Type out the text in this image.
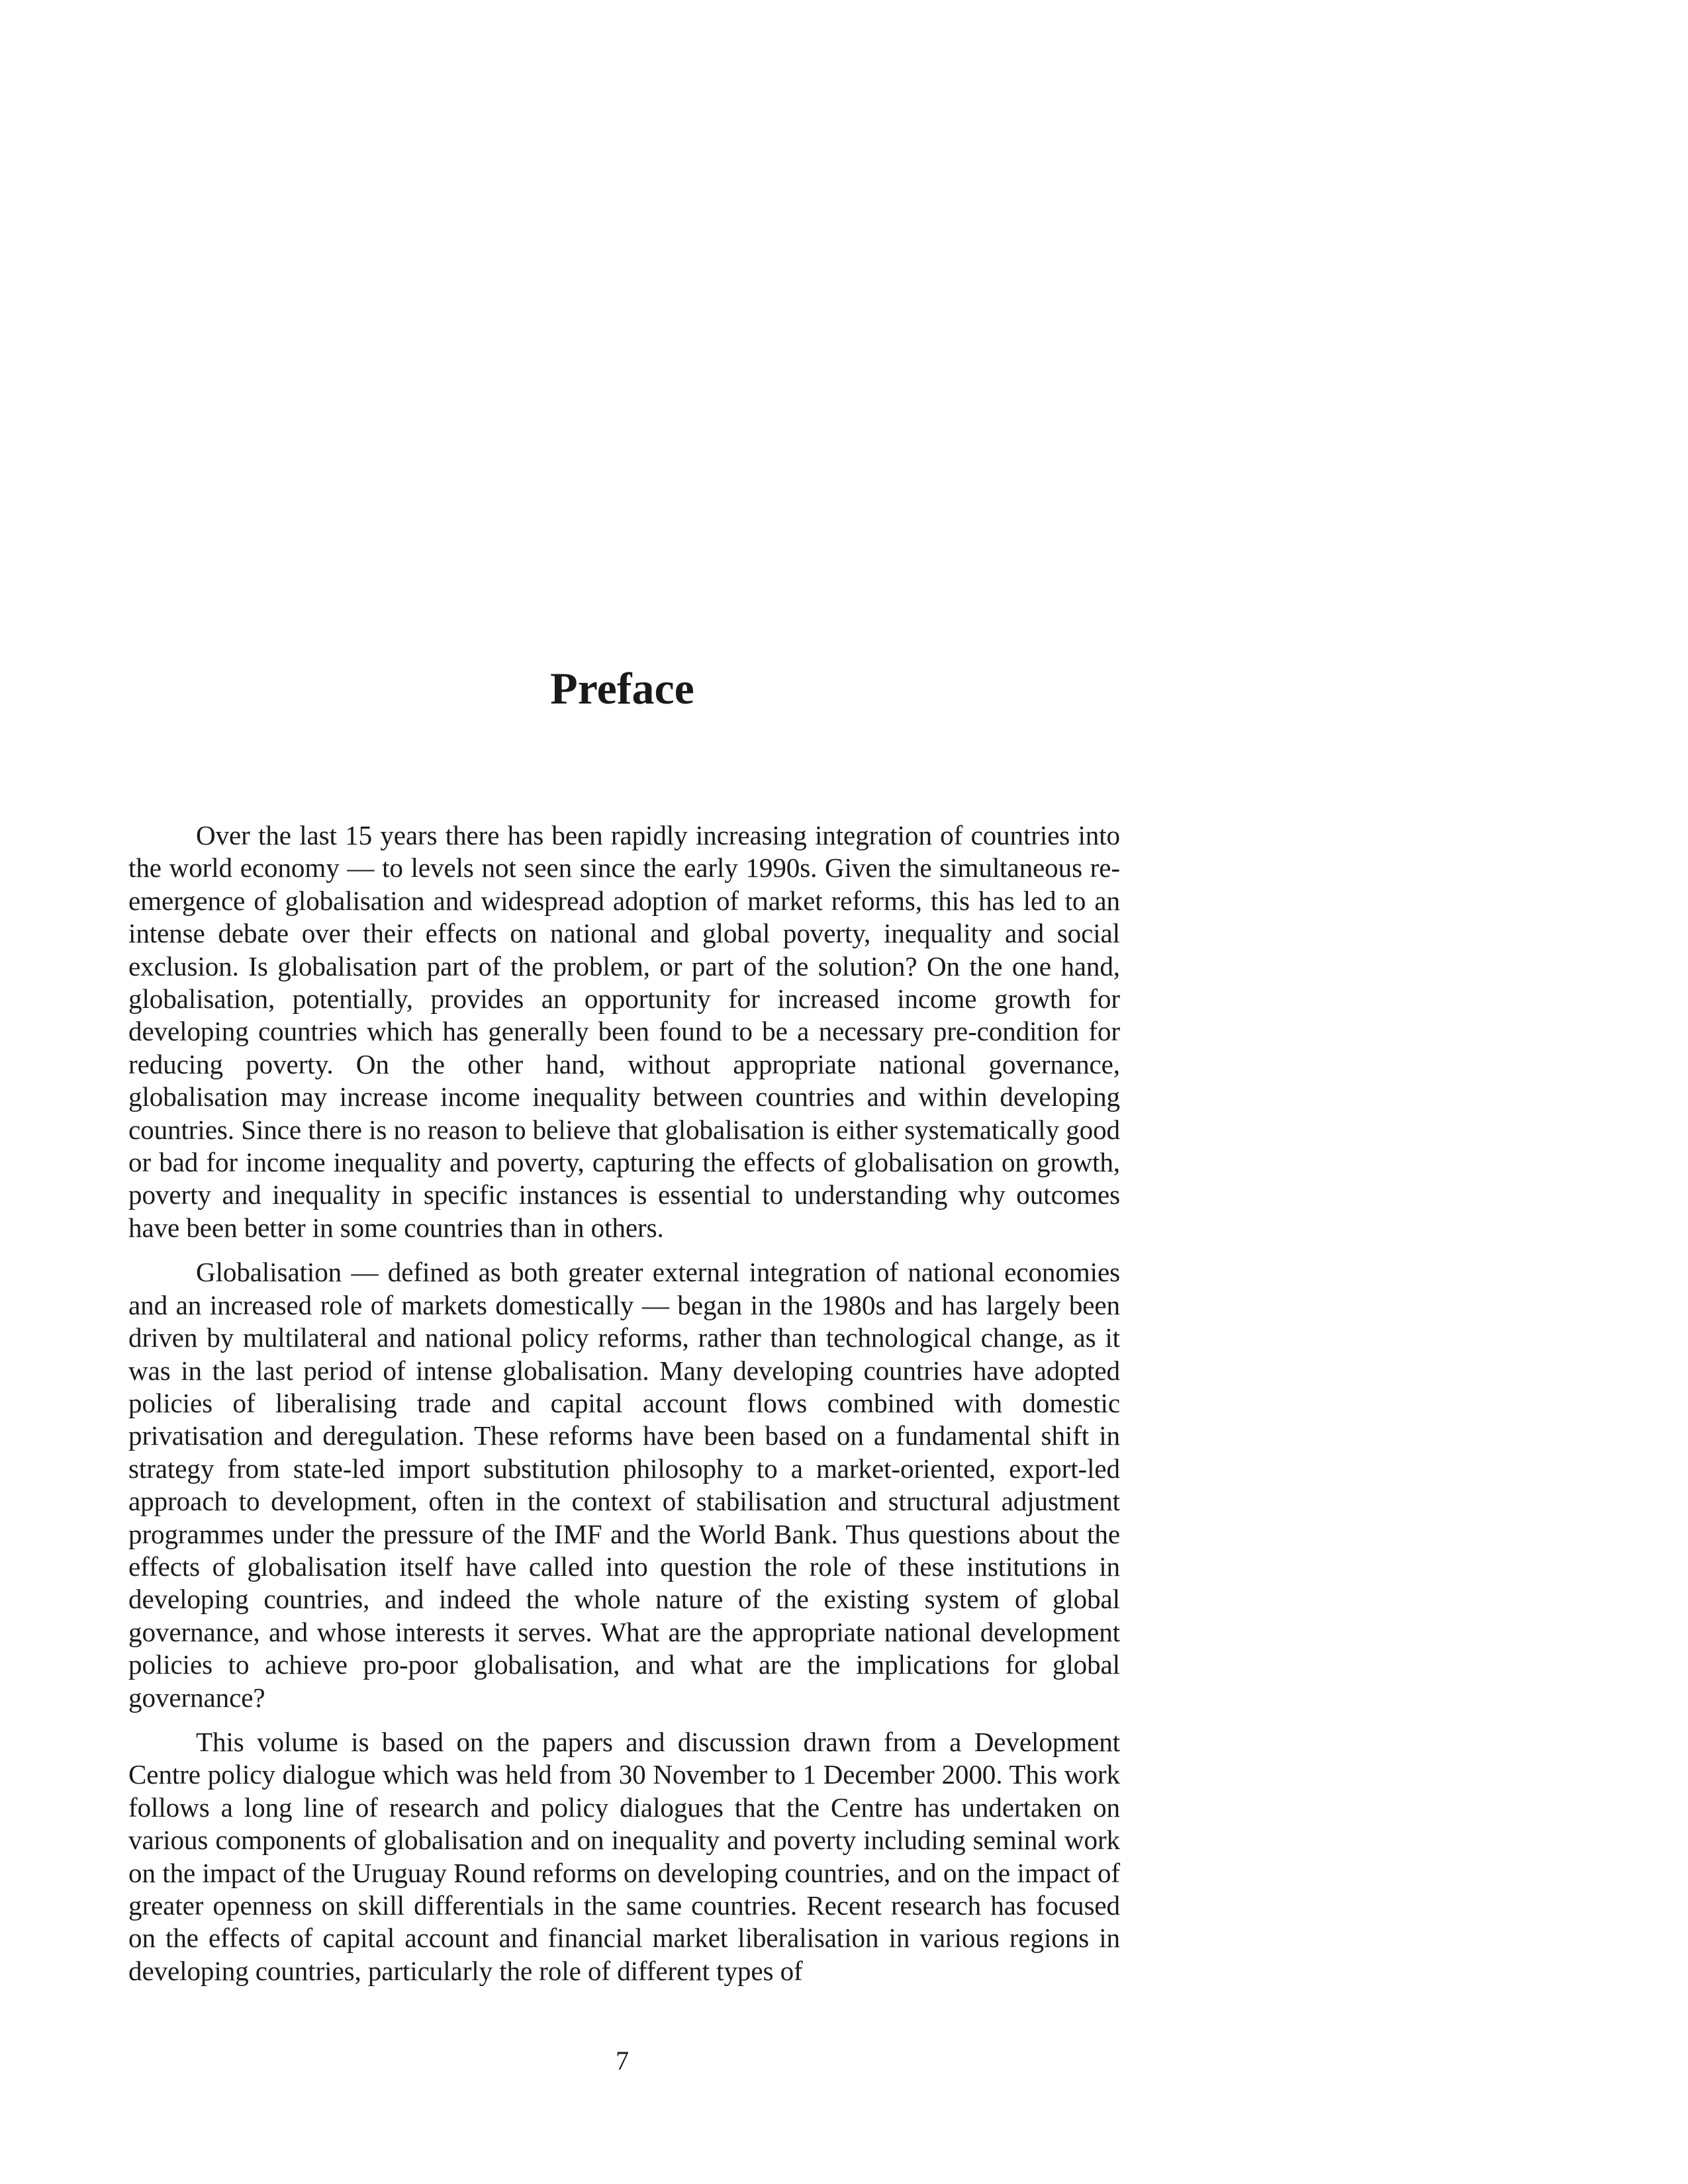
Preface

Over the last 15 years there has been rapidly increasing integration of countries into the world economy — to levels not seen since the early 1990s. Given the simultaneous re-emergence of globalisation and widespread adoption of market reforms, this has led to an intense debate over their effects on national and global poverty, inequality and social exclusion. Is globalisation part of the problem, or part of the solution? On the one hand, globalisation, potentially, provides an opportunity for increased income growth for developing countries which has generally been found to be a necessary pre-condition for reducing poverty. On the other hand, without appropriate national governance, globalisation may increase income inequality between countries and within developing countries. Since there is no reason to believe that globalisation is either systematically good or bad for income inequality and poverty, capturing the effects of globalisation on growth, poverty and inequality in specific instances is essential to understanding why outcomes have been better in some countries than in others.

Globalisation — defined as both greater external integration of national economies and an increased role of markets domestically — began in the 1980s and has largely been driven by multilateral and national policy reforms, rather than technological change, as it was in the last period of intense globalisation. Many developing countries have adopted policies of liberalising trade and capital account flows combined with domestic privatisation and deregulation. These reforms have been based on a fundamental shift in strategy from state-led import substitution philosophy to a market-oriented, export-led approach to development, often in the context of stabilisation and structural adjustment programmes under the pressure of the IMF and the World Bank. Thus questions about the effects of globalisation itself have called into question the role of these institutions in developing countries, and indeed the whole nature of the existing system of global governance, and whose interests it serves. What are the appropriate national development policies to achieve pro-poor globalisation, and what are the implications for global governance?

This volume is based on the papers and discussion drawn from a Development Centre policy dialogue which was held from 30 November to 1 December 2000. This work follows a long line of research and policy dialogues that the Centre has undertaken on various components of globalisation and on inequality and poverty including seminal work on the impact of the Uruguay Round reforms on developing countries, and on the impact of greater openness on skill differentials in the same countries. Recent research has focused on the effects of capital account and financial market liberalisation in various regions in developing countries, particularly the role of different types of

7
